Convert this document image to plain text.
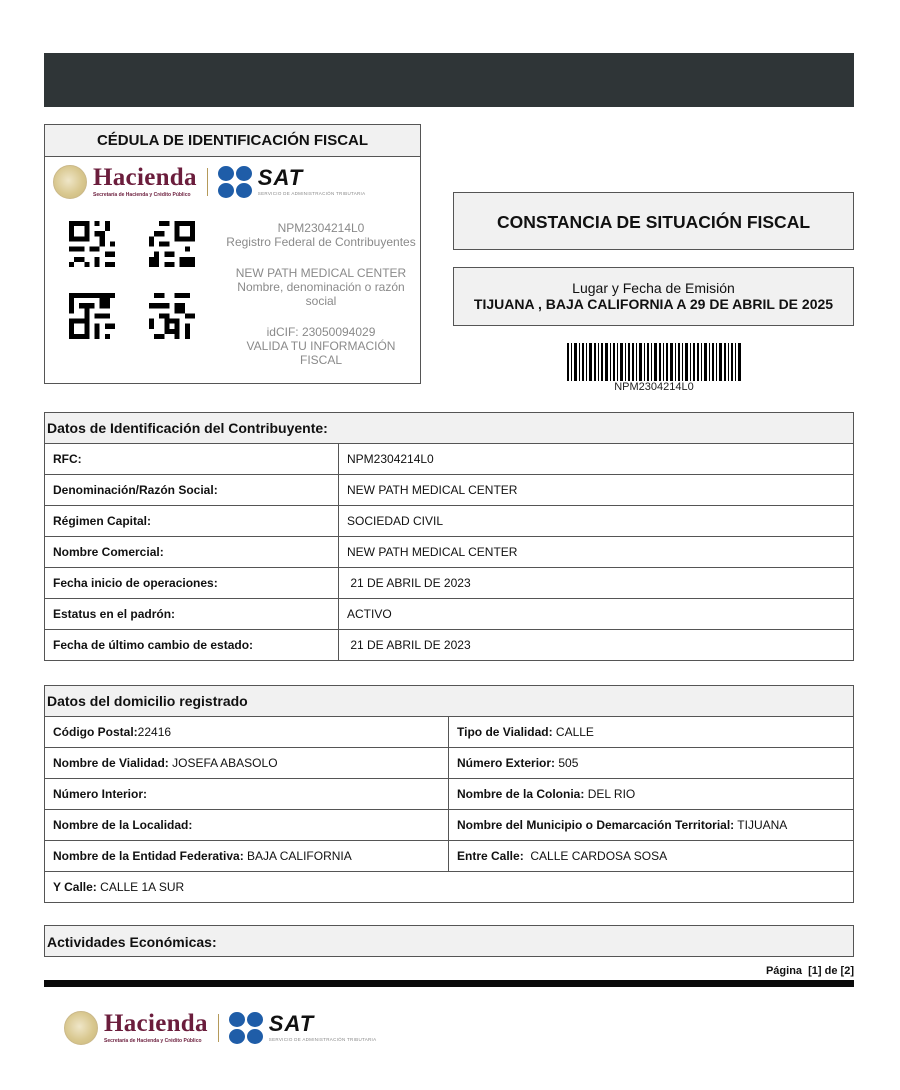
CÉDULA DE IDENTIFICACIÓN FISCAL
Hacienda
Secretaría de Hacienda y Crédito Público
SAT
SERVICIO DE ADMINISTRACIÓN TRIBUTARIA
NPM2304214L0
Registro Federal de Contribuyentes
NEW PATH MEDICAL CENTER
Nombre, denominación o razón social
idCIF: 23050094029
VALIDA TU INFORMACIÓN FISCAL
CONSTANCIA DE SITUACIÓN FISCAL
Lugar y Fecha de Emisión
TIJUANA , BAJA CALIFORNIA A 29 DE ABRIL DE 2025
NPM2304214L0
Datos de Identificación del Contribuyente:	
RFC:	NPM2304214L0
Denominación/Razón Social:	NEW PATH MEDICAL CENTER
Régimen Capital:	SOCIEDAD CIVIL
Nombre Comercial:	NEW PATH MEDICAL CENTER
Fecha inicio de operaciones:	21 DE ABRIL DE 2023
Estatus en el padrón:	ACTIVO
Fecha de último cambio de estado:	21 DE ABRIL DE 2023
Datos del domicilio registrado	
Código Postal:22416	Tipo de Vialidad: CALLE
Nombre de Vialidad: JOSEFA ABASOLO	Número Exterior: 505
Número Interior:	Nombre de la Colonia: DEL RIO
Nombre de la Localidad:	Nombre del Municipio o Demarcación Territorial: TIJUANA
Nombre de la Entidad Federativa: BAJA CALIFORNIA	Entre Calle:  CALLE CARDOSA SOSA
Y Calle: CALLE 1A SUR	
Actividades Económicas:
Página  [1] de [2]
Hacienda
Secretaría de Hacienda y Crédito Público
SAT
SERVICIO DE ADMINISTRACIÓN TRIBUTARIA
